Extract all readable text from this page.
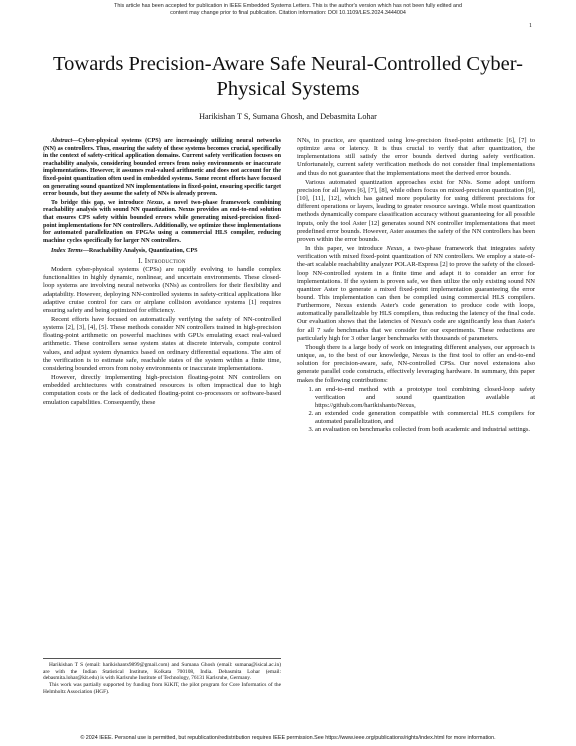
This article has been accepted for publication in IEEE Embedded Systems Letters. This is the author's version which has not been fully edited and
content may change prior to final publication. Citation information: DOI 10.1109/LES.2024.3444004
1
Towards Precision-Aware Safe Neural-Controlled Cyber-Physical Systems
Harikishan T S, Sumana Ghosh, and Debasmita Lohar

Abstract—Cyber-physical systems (CPS) are increasingly utilizing neural networks (NN) as controllers. Thus, ensuring the safety of these systems becomes crucial, specifically in the context of safety-critical application domains. Current safety verification focuses on reachability analysis, considering bounded errors from noisy environments or inaccurate implementations. However, it assumes real-valued arithmetic and does not account for the fixed-point quantization often used in embedded systems. Some recent efforts have focused on generating sound quantized NN implementations in fixed-point, ensuring specific target error bounds, but they assume the safety of NNs is already proven.

To bridge this gap, we introduce Nexus, a novel two-phase framework combining reachability analysis with sound NN quantization. Nexus provides an end-to-end solution that ensures CPS safety within bounded errors while generating mixed-precision fixed-point implementations for NN controllers. Additionally, we optimize these implementations for automated parallelization on FPGAs using a commercial HLS compiler, reducing machine cycles specifically for larger NN controllers.

Index Terms—Reachability Analysis, Quantization, CPS

I. Introduction

Modern cyber-physical systems (CPSs) are rapidly evolving to handle complex functionalities in highly dynamic, nonlinear, and uncertain environments. These closed-loop systems are involving neural networks (NNs) as controllers for their flexibility and adaptability. However, deploying NN-controlled systems in safety-critical applications like adaptive cruise control for cars or airplane collision avoidance systems [1] requires ensuring safety and being optimized for efficiency.

Recent efforts have focused on automatically verifying the safety of NN-controlled systems [2], [3], [4], [5]. These methods consider NN controllers trained in high-precision floating-point arithmetic on powerful machines with GPUs emulating exact real-valued arithmetic. These controllers sense system states at discrete intervals, compute control values, and adjust system dynamics based on ordinary differential equations. The aim of the verification is to estimate safe, reachable states of the system within a finite time, considering bounded errors from noisy environments or inaccurate implementations.

However, directly implementing high-precision floating-point NN controllers on embedded architectures with constrained resources is often impractical due to high computation costs or the lack of dedicated floating-point co-processors or software-based emulation capabilities. Consequently, these

Harikishan T S (email: harikishants9899@gmail.com) and Sumana Ghosh (email: sumana@isical.ac.in) are with the Indian Statistical Institute, Kolkata 700108, India. Debasmita Lohar (email: debasmita.lohar@kit.edu) is with Karlsruhe Institute of Technology, 76131 Karlsruhe, Germany.

This work was partially supported by funding from KiKIT, the pilot program for Core Informatics of the Helmholtz Association (HGF).

NNs, in practice, are quantized using low-precision fixed-point arithmetic [6], [7] to optimize area or latency. It is thus crucial to verify that after quantization, the implementations still satisfy the error bounds derived during safety verification. Unfortunately, current safety verification methods do not consider final implementations and thus do not guarantee that the implementations meet the derived error bounds.

Various automated quantization approaches exist for NNs. Some adopt uniform precision for all layers [6], [7], [8], while others focus on mixed-precision quantization [9], [10], [11], [12], which has gained more popularity for using different precisions for different operations or layers, leading to greater resource savings. While most quantization methods dynamically compare classification accuracy without guaranteeing for all possible inputs, only the tool Aster [12] generates sound NN controller implementations that meet predefined error bounds. However, Aster assumes the safety of the NN controllers has been proven within the error bounds.

In this paper, we introduce Nexus, a two-phase framework that integrates safety verification with mixed fixed-point quantization of NN controllers. We employ a state-of-the-art scalable reachability analyzer POLAR-Express [2] to prove the safety of the closed-loop NN-controlled system in a finite time and adapt it to consider an error for implementations. If the system is proven safe, we then utilize the only existing sound NN quantizer Aster to generate a mixed fixed-point implementation guaranteeing the error bound. This implementation can then be compiled using commercial HLS compilers. Furthermore, Nexus extends Aster's code generation to produce code with loops, automatically parallelizable by HLS compilers, thus reducing the latency of the final code. Our evaluation shows that the latencies of Nexus's code are significantly less than Aster's for all 7 safe benchmarks that we consider for our experiments. These reductions are particularly high for 3 other larger benchmarks with thousands of parameters.

Though there is a large body of work on integrating different analyses, our approach is unique, as, to the best of our knowledge, Nexus is the first tool to offer an end-to-end solution for precision-aware, safe, NN-controlled CPSs. Our novel extensions also generate parallel code constructs, effectively leveraging hardware. In summary, this paper makes the following contributions:

1. an end-to-end method with a prototype tool combining closed-loop safety verification and sound quantization available at https://github.com/harikishants/Nexus,
2. an extended code generation compatible with commercial HLS compilers for automated parallelization, and
3. an evaluation on benchmarks collected from both academic and industrial settings.
© 2024 IEEE. Personal use is permitted, but republication/redistribution requires IEEE permission.See https://www.ieee.org/publications/rights/index.html for more information.
